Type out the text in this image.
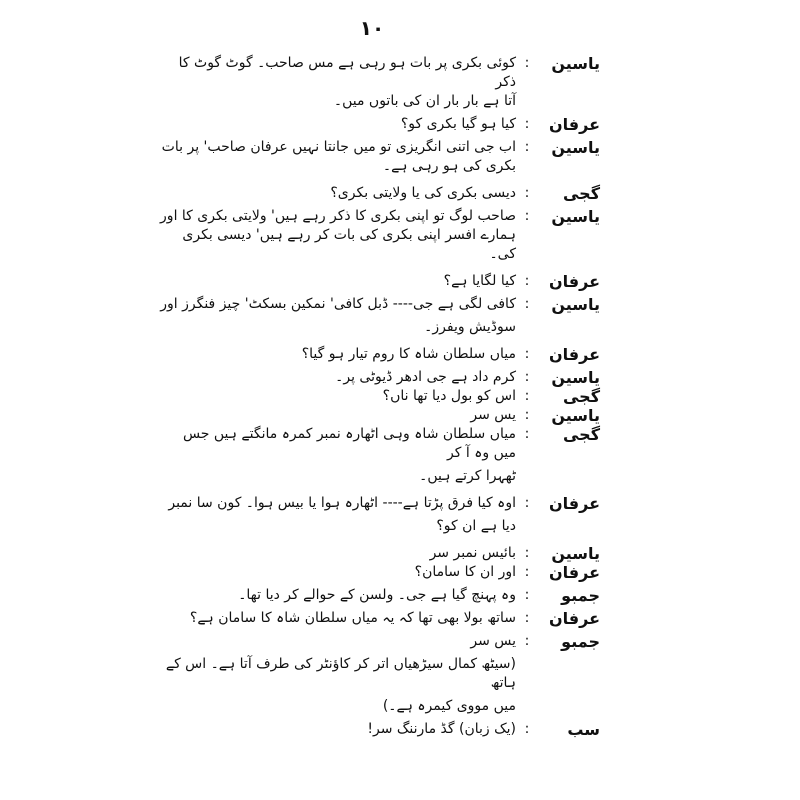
۱۰
یاسین
:
کوئی بکری پر بات ہو رہی ہے مس صاحب۔ گوٹ گوٹ کا ذکر
آتا ہے بار بار ان کی باتوں میں۔
عرفان
:
کیا ہو گیا بکری کو؟
یاسین
:
اب جی اتنی انگریزی تو میں جانتا نہیں عرفان صاحب' پر بات
بکری کی ہو رہی ہے۔
گجی
:
دیسی بکری کی یا ولایتی بکری؟
یاسین
:
صاحب لوگ تو اپنی بکری کا ذکر رہے ہیں' ولایتی بکری کا اور
ہمارے افسر اپنی بکری کی بات کر رہے ہیں' دیسی بکری کی۔
عرفان
:
کیا لگایا ہے؟
یاسین
:
کافی لگی ہے جی---- ڈبل کافی' نمکین بسکٹ' چیز فنگرز اور
سوڈیش ویفرز۔
عرفان
:
میاں سلطان شاہ کا روم تیار ہو گیا؟
یاسین
:
کرم داد ہے جی ادھر ڈیوٹی پر۔
گجی
:
اس کو بول دیا تھا ناں؟
یاسین
:
یس سر
گجی
:
میاں سلطان شاہ وہی اٹھارہ نمبر کمرہ مانگتے ہیں جس میں وہ آ کر
ٹھہرا کرتے ہیں۔
عرفان
:
اوہ کیا فرق پڑتا ہے---- اٹھارہ ہوا یا بیس ہوا۔ کون سا نمبر
دیا ہے ان کو؟
یاسین
:
بائیس نمبر سر
عرفان
:
اور ان کا سامان؟
جمبو
:
وہ پہنچ گیا ہے جی۔ ولسن کے حوالے کر دیا تھا۔
عرفان
:
ساتھ بولا بھی تھا کہ یہ میاں سلطان شاہ کا سامان ہے؟
جمبو
:
یس سر
(سیٹھ کمال سیڑھیاں اتر کر کاؤنٹر کی طرف آتا ہے۔ اس کے ہاتھ
میں مووی کیمرہ ہے۔)
سب
:
(یک زبان) گڈ مارننگ سر!
